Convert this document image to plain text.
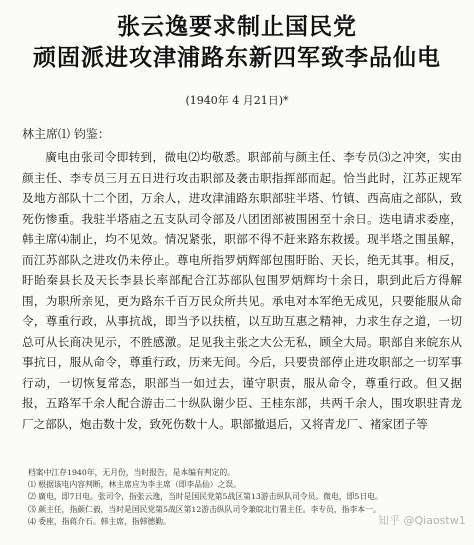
张云逸要求制止国民党
顽固派进攻津浦路东新四军致李品仙电
(1940年 4 月21日)*
林主席⑴ 钧鉴：

廣电由张司令即转到，微电⑵均敬悉。职部前与颜主任、李专员⑶之冲突，实由颜主任、李专员三月五日进行攻击职部及袭击职指挥部而起。恰当此时，江苏正规军及地方部队十二个团，万余人，进攻津浦路东职部驻半塔、竹镇、西高庙之部队，致死伤惨重。我驻半塔庙之五支队司令部及八团团部被围困至十余日。迭电请求委座，韩主席⑷制止，均不见效。情况紧张，职部不得不赶来路东救援。现半塔之围虽解，而江苏部队之进攻仍未停止。尊电所指罗炳辉部包围盱眙、天长，绝无其事。相反，盱眙秦县长及天长李县长率部配合江苏部队包围罗炳辉均十余日，职到此后方得解围，为职所亲见，更为路东千百万民众所共见。承电对本军绝无成见，只要能服从命令，尊重行政，从事抗战，即当予以扶植，以互助互惠之精神，力求生存之道，一切总可从长商决见示，不胜感激。足见我主张之大公无私，顾全大局。职部自来皖东从事抗日，服从命令，尊重行政，历来无间。今后，只要贵部停止进攻职部之一切军事行动，一切恢复常态，职部当一如过去，谨守职责，服从命令，尊重行政。但又据报，五路军千余人配合游击二十纵队谢少臣、王桂东部，共两千余人，围攻职驻青龙厂之部队，炮击数十发，致死伤数十人。职部撤退后，又将青龙厂、褚家团子等

档案中江存1940年，无月份，当时报告，是本编有判定的。
⑴ 根据该电内容判断，林主席应为李主席（即李品仙）之误。
⑵ 廣电，即7日电。张司令，指张云逸，当时是国民党第5战区第13游击纵队司令员。微电，即5日电。
⑶ 颜主任，指颜仁毅，当时是国民党第5战区第12游击纵队司令兼皖北行署主任。李专员，指李本一。
⑷ 委座，指蒋介石。韩主席，指韩德勤。	知乎 @Qiaostw1
